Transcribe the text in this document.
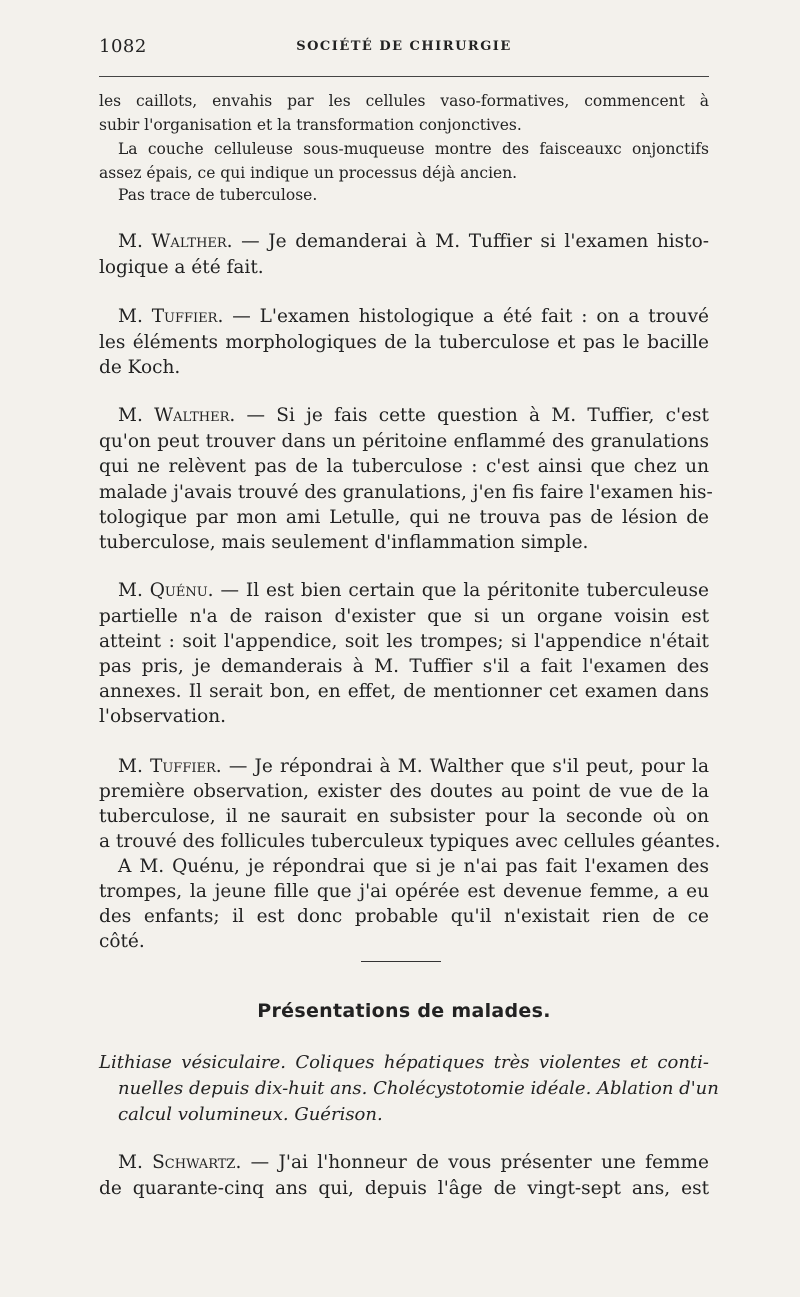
1082	SOCIÉTÉ DE CHIRURGIE
les caillots, envahis par les cellules vaso-formatives, commencent à
subir l'organisation et la transformation conjonctives.
La couche celluleuse sous-muqueuse montre des faisceauxc onjonctifs
assez épais, ce qui indique un processus déjà ancien.
Pas trace de tuberculose.
M. Walther. — Je demanderai à M. Tuffier si l'examen histo-
logique a été fait.
M. Tuffier. — L'examen histologique a été fait : on a trouvé
les éléments morphologiques de la tuberculose et pas le bacille
de Koch.
M. Walther. — Si je fais cette question à M. Tuffier, c'est
qu'on peut trouver dans un péritoine enflammé des granulations
qui ne relèvent pas de la tuberculose : c'est ainsi que chez un
malade j'avais trouvé des granulations, j'en fis faire l'examen his-
tologique par mon ami Letulle, qui ne trouva pas de lésion de
tuberculose, mais seulement d'inflammation simple.
M. Quénu. — Il est bien certain que la péritonite tuberculeuse
partielle n'a de raison d'exister que si un organe voisin est
atteint : soit l'appendice, soit les trompes; si l'appendice n'était
pas pris, je demanderais à M. Tuffier s'il a fait l'examen des
annexes. Il serait bon, en effet, de mentionner cet examen dans
l'observation.
M. Tuffier. — Je répondrai à M. Walther que s'il peut, pour la
première observation, exister des doutes au point de vue de la
tuberculose, il ne saurait en subsister pour la seconde où on
a trouvé des follicules tuberculeux typiques avec cellules géantes.
A M. Quénu, je répondrai que si je n'ai pas fait l'examen des
trompes, la jeune fille que j'ai opérée est devenue femme, a eu
des enfants; il est donc probable qu'il n'existait rien de ce
côté.
Présentations de malades.
Lithiase vésiculaire. Coliques hépatiques très violentes et conti-
nuelles depuis dix-huit ans. Cholécystotomie idéale. Ablation d'un
calcul volumineux. Guérison.
M. Schwartz. — J'ai l'honneur de vous présenter une femme
de quarante-cinq ans qui, depuis l'âge de vingt-sept ans, est
